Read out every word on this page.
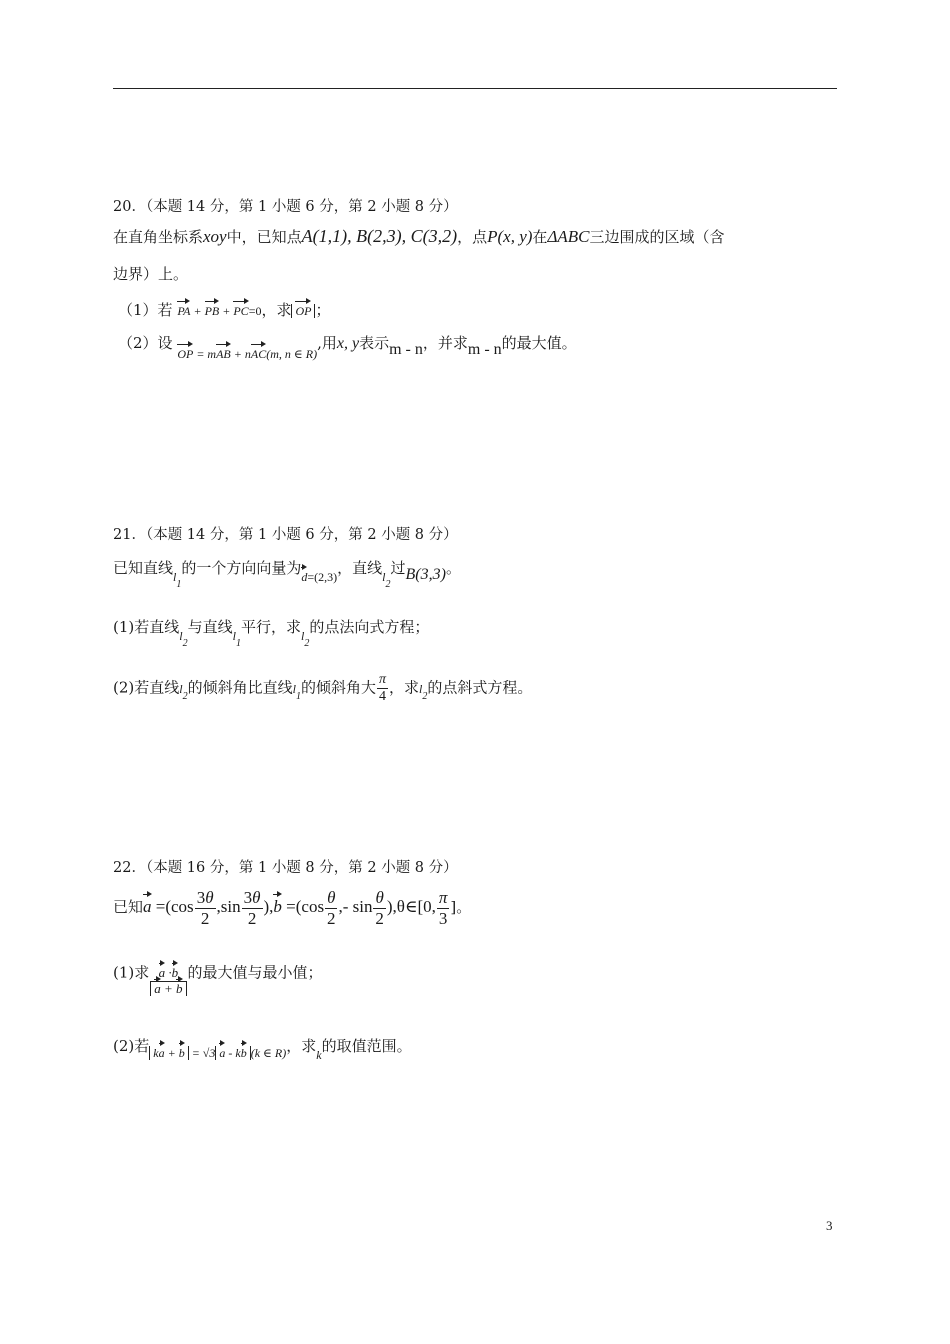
20．（本题 14 分，第 1 小题 6 分，第 2 小题 8 分）
在直角坐标系xoy中，已知点A(1,1), B(2,3), C(3,2)，点P(x, y)在ΔABC三边围成的区域（含
边界）上。
（1）若 PA + PB + PC=0，求 OP ；
（2）设 $_{OP = mAB + nAC(m, n \in R)}$,用x, y表示m - n，并求m - n的最大值。
21．（本题 14 分，第 1 小题 6 分，第 2 小题 8 分）
已知直线$_{l_1}$的一个方向向量为$_{d=(2,3)}$，直线$_{l_2}$过B(3,3)。
(1)若直线$_{l_2}$与直线$_{l_1}$平行，求$_{l_2}$的点法向式方程；
(2)若直线$l_2$的倾斜角比直线$l_1$的倾斜角大 $\frac{\pi}{4}$ ，求$l_2$的点斜式方程。
22．（本题 16 分，第 1 小题 8 分，第 2 小题 8 分）
已知$a =(\cos \frac{3\theta}{2} ,\sin \frac{3\theta}{2} ),b =(\cos \frac{\theta}{2}$ ,- $\sin \frac{\theta}{2}$ ),θ∈[0, $\frac{\pi}{3}$ ]。
(1)求 $\frac{a \cdot b}{a + b}$ 的最大值与最小值；
(2)若 $_{ka + b = √3 a - kb (k \in R)}$，求$_k$的取值范围。
3
